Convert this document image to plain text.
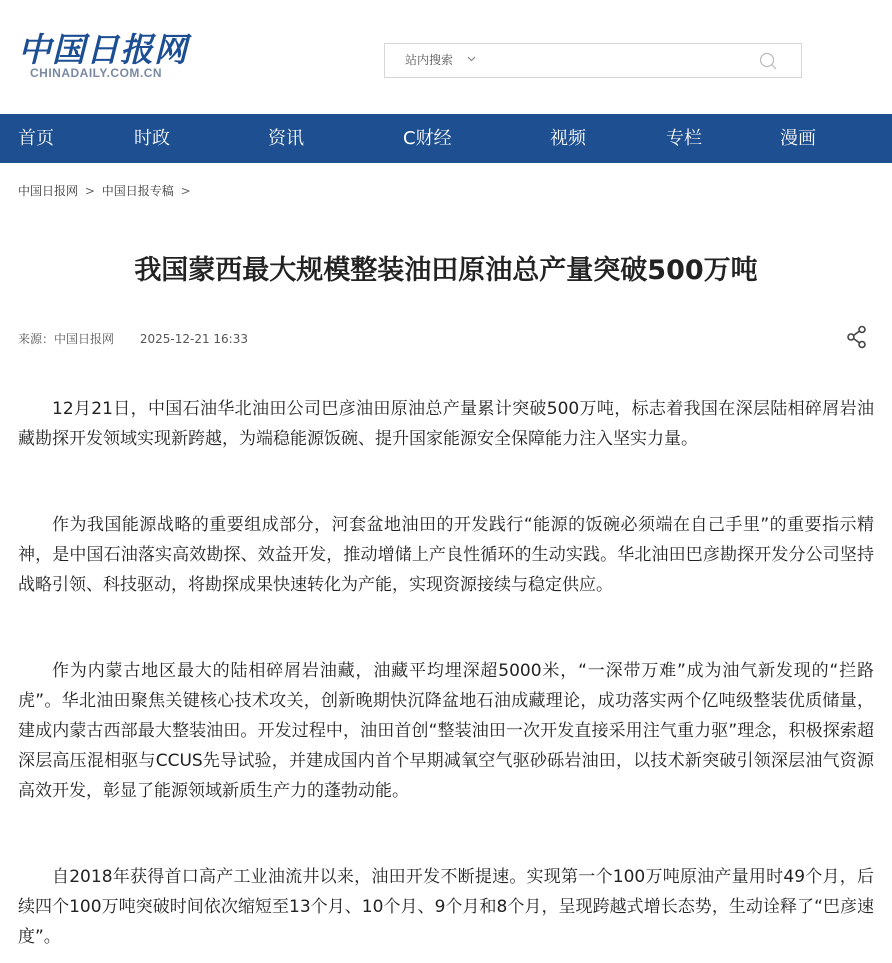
中国日报网
CHINADAILY.COM.CN
站内搜索
首页	时政	资讯	C财经	视频	专栏	漫画
中国日报网 > 中国日报专稿 >
我国蒙西最大规模整装油田原油总产量突破500万吨
来源：中国日报网 2025-12-21 16:33

12月21日，中国石油华北油田公司巴彦油田原油总产量累计突破500万吨，标志着我国在深层陆相碎屑岩油藏勘探开发领域实现新跨越，为端稳能源饭碗、提升国家能源安全保障能力注入坚实力量。

作为我国能源战略的重要组成部分，河套盆地油田的开发践行“能源的饭碗必须端在自己手里”的重要指示精神，是中国石油落实高效勘探、效益开发，推动增储上产良性循环的生动实践。华北油田巴彦勘探开发分公司坚持战略引领、科技驱动，将勘探成果快速转化为产能，实现资源接续与稳定供应。

作为内蒙古地区最大的陆相碎屑岩油藏，油藏平均埋深超5000米，“一深带万难”成为油气新发现的“拦路虎”。华北油田聚焦关键核心技术攻关，创新晚期快沉降盆地石油成藏理论，成功落实两个亿吨级整装优质储量，建成内蒙古西部最大整装油田。开发过程中，油田首创“整装油田一次开发直接采用注气重力驱”理念，积极探索超深层高压混相驱与CCUS先导试验，并建成国内首个早期减氧空气驱砂砾岩油田，以技术新突破引领深层油气资源高效开发，彰显了能源领域新质生产力的蓬勃动能。

自2018年获得首口高产工业油流井以来，油田开发不断提速。实现第一个100万吨原油产量用时49个月，后续四个100万吨突破时间依次缩短至13个月、10个月、9个月和8个月，呈现跨越式增长态势，生动诠释了“巴彦速度”。
